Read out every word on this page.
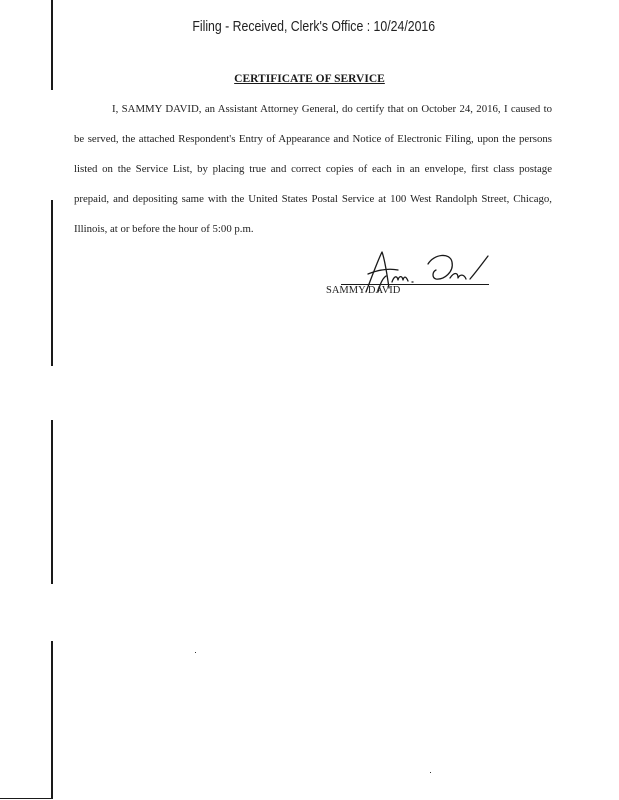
Filing - Received, Clerk's Office : 10/24/2016
CERTIFICATE OF SERVICE

I, SAMMY DAVID, an Assistant Attorney General, do certify that on October 24, 2016, I caused to be served, the attached Respondent's Entry of Appearance and Notice of Electronic Filing, upon the persons listed on the Service List, by placing true and correct copies of each in an envelope, first class postage prepaid, and depositing same with the United States Postal Service at 100 West Randolph Street, Chicago, Illinois, at or before the hour of 5:00 p.m.

SAMMY DAVID
